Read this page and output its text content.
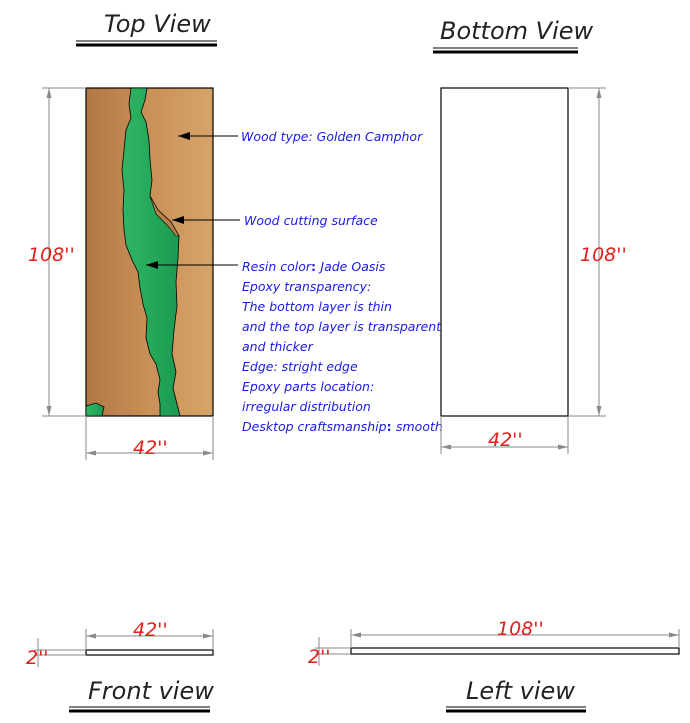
Top View
108''
42''
Wood type: Golden Camphor
Wood cutting surface
Resin color: Jade Oasis
Epoxy transparency:
The bottom layer is thin
and the top layer is transparent
and thicker
Edge: stright edge
Epoxy parts location:
irregular distribution
Desktop craftsmanship: smooth
Bottom View
108''
42''
42''
2''
Front view
108''
2''
Left view
